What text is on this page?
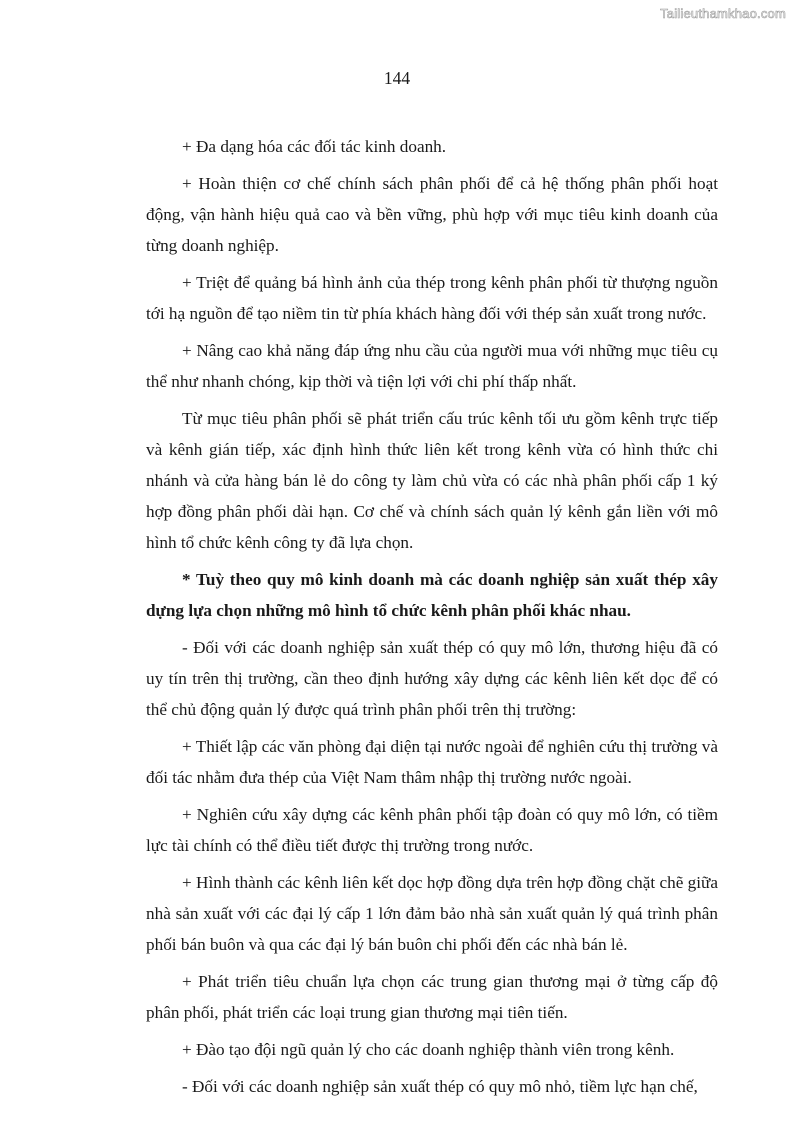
Tailieuthamkhao.com
144

+ Đa dạng hóa các đối tác kinh doanh.

+ Hoàn thiện cơ chế chính sách phân phối để cả hệ thống phân phối hoạt động, vận hành hiệu quả cao và bền vững, phù hợp với mục tiêu kinh doanh của từng doanh nghiệp.

+ Triệt để quảng bá hình ảnh của thép trong kênh phân phối từ thượng nguồn tới hạ nguồn để tạo niềm tin từ phía khách hàng đối với thép sản xuất trong nước.

+ Nâng cao khả năng đáp ứng nhu cầu của người mua với những mục tiêu cụ thể như nhanh chóng, kịp thời và tiện lợi với chi phí thấp nhất.

Từ mục tiêu phân phối sẽ phát triển cấu trúc kênh tối ưu gồm kênh trực tiếp và kênh gián tiếp, xác định hình thức liên kết trong kênh vừa có hình thức chi nhánh và cửa hàng bán lẻ do công ty làm chủ vừa có các nhà phân phối cấp 1 ký hợp đồng phân phối dài hạn. Cơ chế và chính sách quản lý kênh gắn liền với mô hình tổ chức kênh công ty đã lựa chọn.

* Tuỳ theo quy mô kinh doanh mà các doanh nghiệp sản xuất thép xây dựng lựa chọn những mô hình tổ chức kênh phân phối khác nhau.

- Đối với các doanh nghiệp sản xuất thép có quy mô lớn, thương hiệu đã có uy tín trên thị trường, cần theo định hướng xây dựng các kênh liên kết dọc để có thể chủ động quản lý được quá trình phân phối trên thị trường:

+ Thiết lập các văn phòng đại diện tại nước ngoài để nghiên cứu thị trường và đối tác nhằm đưa thép của Việt Nam thâm nhập thị trường nước ngoài.

+ Nghiên cứu xây dựng các kênh phân phối tập đoàn có quy mô lớn, có tiềm lực tài chính có thể điều tiết được thị trường trong nước.

+ Hình thành các kênh liên kết dọc hợp đồng dựa trên hợp đồng chặt chẽ giữa nhà sản xuất với các đại lý cấp 1 lớn đảm bảo nhà sản xuất quản lý quá trình phân phối bán buôn và qua các đại lý bán buôn chi phối đến các nhà bán lẻ.

+ Phát triển tiêu chuẩn lựa chọn các trung gian thương mại ở từng cấp độ phân phối, phát triển các loại trung gian thương mại tiên tiến.

+ Đào tạo đội ngũ quản lý cho các doanh nghiệp thành viên trong kênh.

- Đối với các doanh nghiệp sản xuất thép có quy mô nhỏ, tiềm lực hạn chế,
